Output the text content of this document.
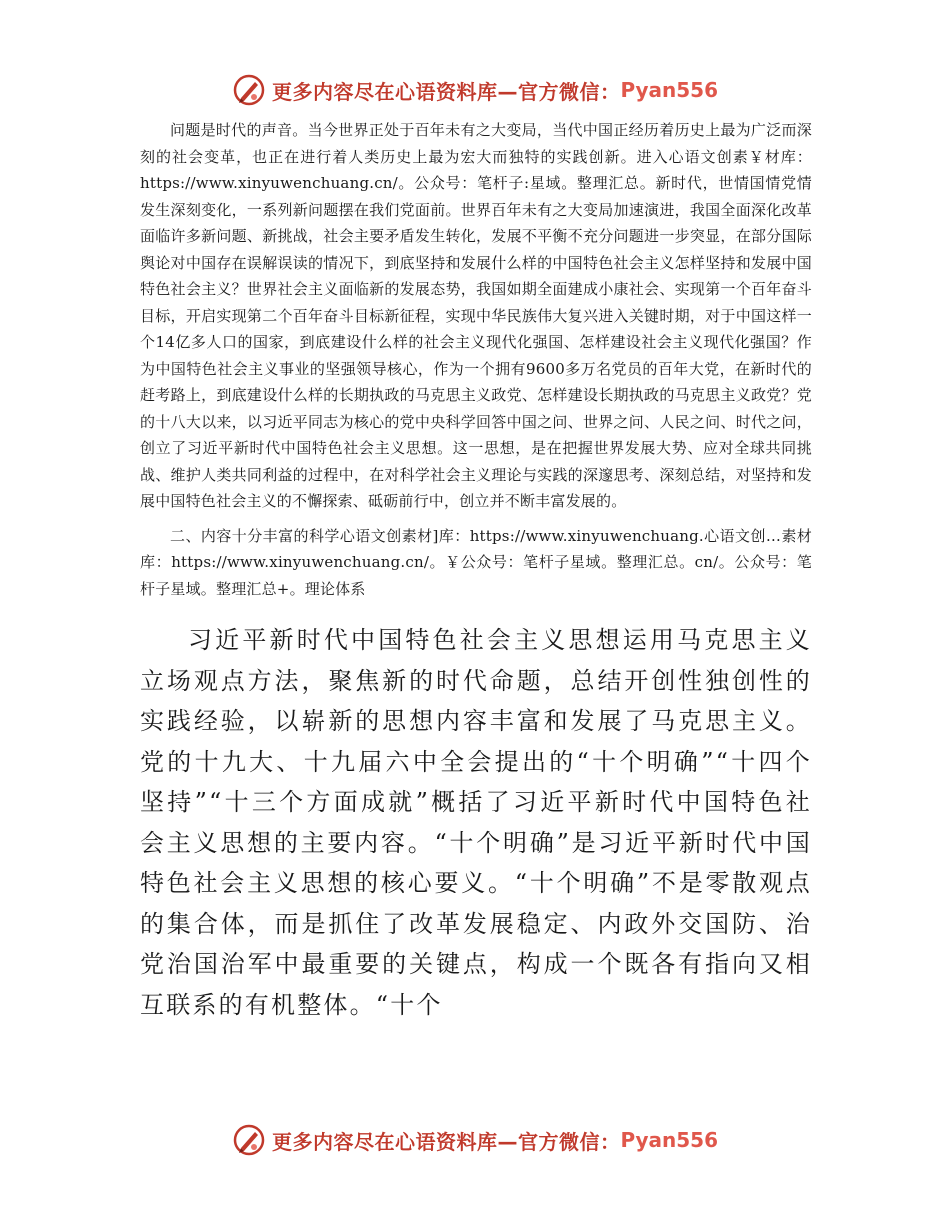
更多内容尽在心语资料库—官方微信： Pyan556

问题是时代的声音。当今世界正处于百年未有之大变局，当代中国正经历着历史上最为广泛而深刻的社会变革，也正在进行着人类历史上最为宏大而独特的实践创新。进入心语文创素￥材库：https://www.xinyuwenchuang.cn/。公众号：笔杆子:星域。整理汇总。新时代，世情国情党情发生深刻变化，一系列新问题摆在我们党面前。世界百年未有之大变局加速演进，我国全面深化改革面临许多新问题、新挑战，社会主要矛盾发生转化，发展不平衡不充分问题进一步突显，在部分国际舆论对中国存在误解误读的情况下，到底坚持和发展什么样的中国特色社会主义怎样坚持和发展中国特色社会主义？世界社会主义面临新的发展态势，我国如期全面建成小康社会、实现第一个百年奋斗目标，开启实现第二个百年奋斗目标新征程，实现中华民族伟大复兴进入关键时期，对于中国这样一个14亿多人口的国家，到底建设什么样的社会主义现代化强国、怎样建设社会主义现代化强国？作为中国特色社会主义事业的坚强领导核心，作为一个拥有9600多万名党员的百年大党，在新时代的赶考路上，到底建设什么样的长期执政的马克思主义政党、怎样建设长期执政的马克思主义政党？党的十八大以来，以习近平同志为核心的党中央科学回答中国之问、世界之问、人民之问、时代之问，创立了习近平新时代中国特色社会主义思想。这一思想，是在把握世界发展大势、应对全球共同挑战、维护人类共同利益的过程中，在对科学社会主义理论与实践的深邃思考、深刻总结，对坚持和发展中国特色社会主义的不懈探索、砥砺前行中，创立并不断丰富发展的。

二、内容十分丰富的科学心语文创素材]库：https://www.xinyuwenchuang.心语文创…素材库：https://www.xinyuwenchuang.cn/。￥公众号：笔杆子星域。整理汇总。cn/。公众号：笔杆子星域。整理汇总+。理论体系

习近平新时代中国特色社会主义思想运用马克思主义立场观点方法，聚焦新的时代命题，总结开创性独创性的实践经验，以崭新的思想内容丰富和发展了马克思主义。党的十九大、十九届六中全会提出的“十个明确”“十四个坚持”“十三个方面成就”概括了习近平新时代中国特色社会主义思想的主要内容。“十个明确”是习近平新时代中国特色社会主义思想的核心要义。“十个明确”不是零散观点的集合体，而是抓住了改革发展稳定、内政外交国防、治党治国治军中最重要的关键点，构成一个既各有指向又相互联系的有机整体。“十个

更多内容尽在心语资料库—官方微信： Pyan556
